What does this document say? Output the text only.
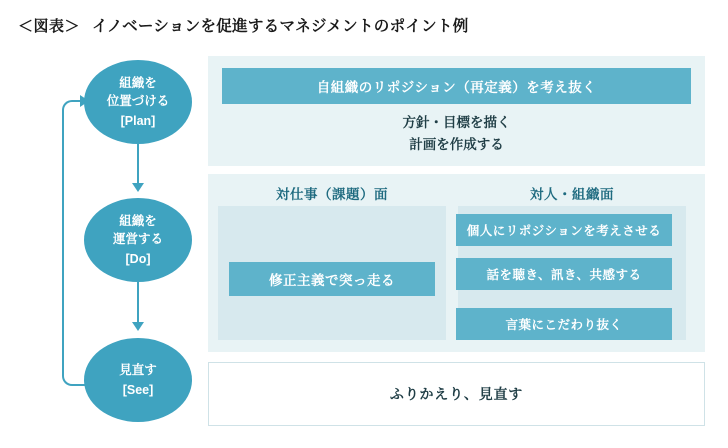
＜図表＞ イノベーションを促進するマネジメントのポイント例
組織を
位置づける
[Plan]
組織を
運営する
[Do]
見直す
[See]
自組織のリポジション（再定義）を考え抜く
方針・目標を描く
計画を作成する
対仕事（課題）面	対人・組織面
修正主義で突っ走る
個人にリポジションを考えさせる
話を聴き、訊き、共感する
言葉にこだわり抜く
ふりかえり、見直す
